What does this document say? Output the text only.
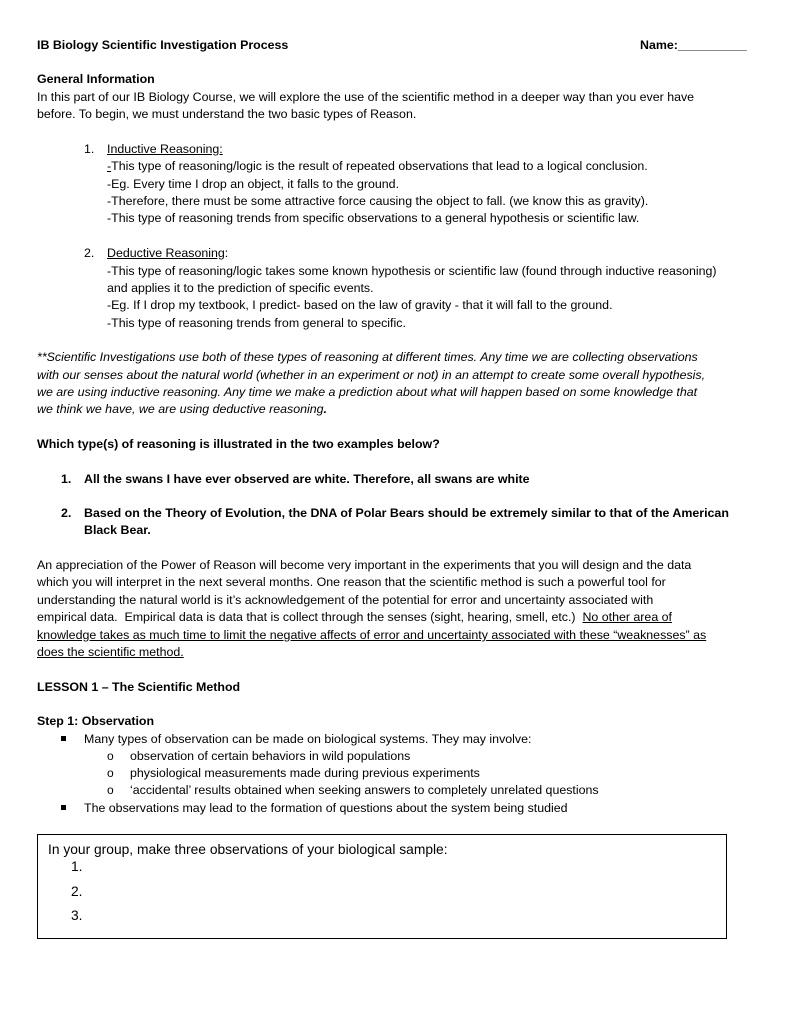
IB Biology Scientific Investigation Process	Name:__________
General Information
In this part of our IB Biology Course, we will explore the use of the scientific method in a deeper way than you ever have
before. To begin, we must understand the two basic types of Reason.
1. Inductive Reasoning:
-This type of reasoning/logic is the result of repeated observations that lead to a logical conclusion.
-Eg. Every time I drop an object, it falls to the ground.
-Therefore, there must be some attractive force causing the object to fall. (we know this as gravity).
-This type of reasoning trends from specific observations to a general hypothesis or scientific law.
2. Deductive Reasoning:
-This type of reasoning/logic takes some known hypothesis or scientific law (found through inductive reasoning)
and applies it to the prediction of specific events.
-Eg. If I drop my textbook, I predict- based on the law of gravity - that it will fall to the ground.
-This type of reasoning trends from general to specific.
**Scientific Investigations use both of these types of reasoning at different times. Any time we are collecting observations
with our senses about the natural world (whether in an experiment or not) in an attempt to create some overall hypothesis,
we are using inductive reasoning. Any time we make a prediction about what will happen based on some knowledge that
we think we have, we are using deductive reasoning.
Which type(s) of reasoning is illustrated in the two examples below?
1. All the swans I have ever observed are white. Therefore, all swans are white
2. Based on the Theory of Evolution, the DNA of Polar Bears should be extremely similar to that of the American
Black Bear.
An appreciation of the Power of Reason will become very important in the experiments that you will design and the data
which you will interpret in the next several months. One reason that the scientific method is such a powerful tool for
understanding the natural world is it’s acknowledgement of the potential for error and uncertainty associated with
empirical data.  Empirical data is data that is collect through the senses (sight, hearing, smell, etc.)  No other area of
knowledge takes as much time to limit the negative affects of error and uncertainty associated with these “weaknesses” as
does the scientific method.
LESSON 1 – The Scientific Method
Step 1: Observation
Many types of observation can be made on biological systems. They may involve:
o observation of certain behaviors in wild populations
o physiological measurements made during previous experiments
o ‘accidental’ results obtained when seeking answers to completely unrelated questions
The observations may lead to the formation of questions about the system being studied
In your group, make three observations of your biological sample:
1.
2.
3.
